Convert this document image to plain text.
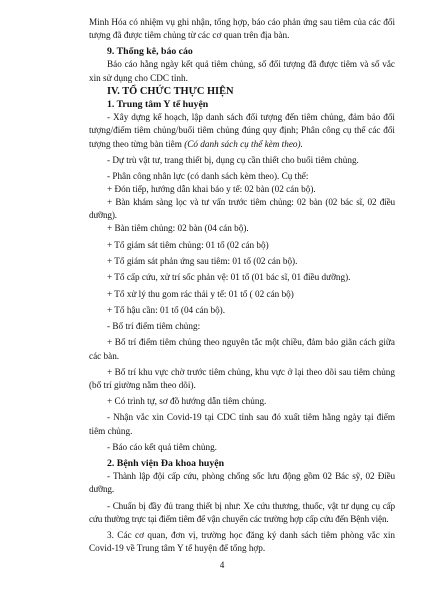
Minh Hóa có nhiệm vụ ghi nhận, tổng hợp, báo cáo phản ứng sau tiêm của các đối tượng đã được tiêm chủng từ các cơ quan trên địa bàn.

9. Thống kê, báo cáo

Báo cáo hằng ngày kết quả tiêm chủng, số đối tượng đã được tiêm và số vắc xin sử dụng cho CDC tỉnh.

IV. TỔ CHỨC THỰC HIỆN
1. Trung tâm Y tế huyện

- Xây dựng kế hoạch, lập danh sách đối tượng đến tiêm chủng, đảm bảo đối tượng/điểm tiêm chủng/buổi tiêm chủng đúng quy định; Phân công cụ thể các đối tượng theo từng bàn tiêm (Có danh sách cụ thể kèm theo).

- Dự trù vật tư, trang thiết bị, dụng cụ cần thiết cho buổi tiêm chủng.

- Phân công nhân lực (có danh sách kèm theo). Cụ thể:

+ Đón tiếp, hướng dẫn khai báo y tế: 02 bàn (02 cán bộ).

+ Bàn khám sàng lọc và tư vấn trước tiêm chủng: 02 bàn (02 bác sĩ, 02 điều dưỡng).

+ Bàn tiêm chủng: 02 bàn (04 cán bộ).

+ Tổ giám sát tiêm chủng: 01 tổ (02 cán bộ)

+ Tổ giám sát phản ứng sau tiêm: 01 tổ (02 cán bộ).

+ Tổ cấp cứu, xử trí sốc phản vệ: 01 tổ (01 bác sĩ, 01 điều dưỡng).

+ Tổ xử lý thu gom rác thải y tế: 01 tổ ( 02 cán bộ)

+ Tổ hậu cần: 01 tổ (04 cán bộ).

- Bố trí điểm tiêm chủng:

+ Bố trí điểm tiêm chủng theo nguyên tắc một chiều, đảm bảo giãn cách giữa các bàn.

+ Bố trí khu vực chờ trước tiêm chủng, khu vực ở lại theo dõi sau tiêm chủng (bố trí giường nằm theo dõi).

+ Có trình tự, sơ đồ hướng dẫn tiêm chủng.

- Nhận vắc xin Covid-19 tại CDC tỉnh sau đó xuất tiêm hằng ngày tại điểm tiêm chủng.

- Báo cáo kết quả tiêm chủng.

2. Bệnh viện Đa khoa huyện

- Thành lập đội cấp cứu, phòng chống sốc lưu động gồm 02 Bác sỹ, 02 Điều dưỡng.

- Chuẩn bị đầy đủ trang thiết bị như: Xe cứu thương, thuốc, vật tư dụng cụ cấp cứu thường trực tại điểm tiêm để vận chuyển các trường hợp cấp cứu đến Bệnh viện.

3. Các cơ quan, đơn vị, trường học đăng ký danh sách tiêm phòng vắc xin Covid-19 về Trung tâm Y tế huyện để tổng hợp.

4
